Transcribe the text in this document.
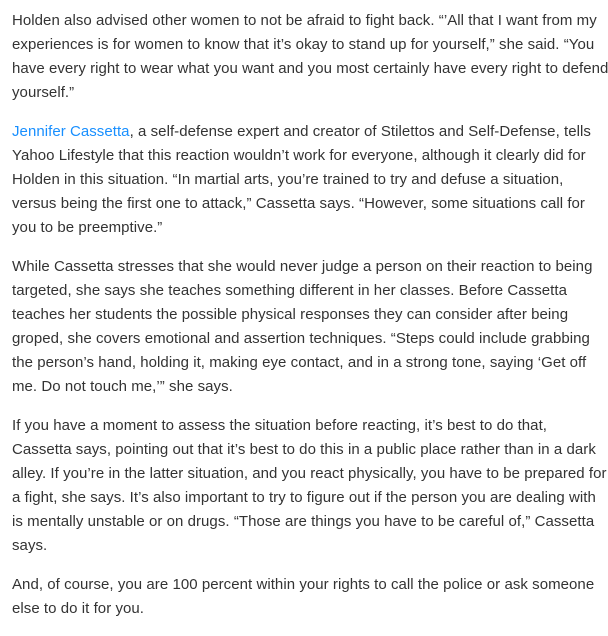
Holden also advised other women to not be afraid to fight back. “’All that I want from my
experiences is for women to know that it’s okay to stand up for yourself,” she said. “You
have every right to wear what you want and you most certainly have every right to defend
yourself.”

Jennifer Cassetta, a self-defense expert and creator of Stilettos and Self-Defense, tells
Yahoo Lifestyle that this reaction wouldn’t work for everyone, although it clearly did for
Holden in this situation. “In martial arts, you’re trained to try and defuse a situation,
versus being the first one to attack,” Cassetta says. “However, some situations call for
you to be preemptive.”

While Cassetta stresses that she would never judge a person on their reaction to being
targeted, she says she teaches something different in her classes. Before Cassetta
teaches her students the possible physical responses they can consider after being
groped, she covers emotional and assertion techniques. “Steps could include grabbing
the person’s hand, holding it, making eye contact, and in a strong tone, saying ‘Get off
me. Do not touch me,’” she says.

If you have a moment to assess the situation before reacting, it’s best to do that,
Cassetta says, pointing out that it’s best to do this in a public place rather than in a dark
alley. If you’re in the latter situation, and you react physically, you have to be prepared for
a fight, she says. It’s also important to try to figure out if the person you are dealing with
is mentally unstable or on drugs. “Those are things you have to be careful of,” Cassetta
says.

And, of course, you are 100 percent within your rights to call the police or ask someone
else to do it for you.
